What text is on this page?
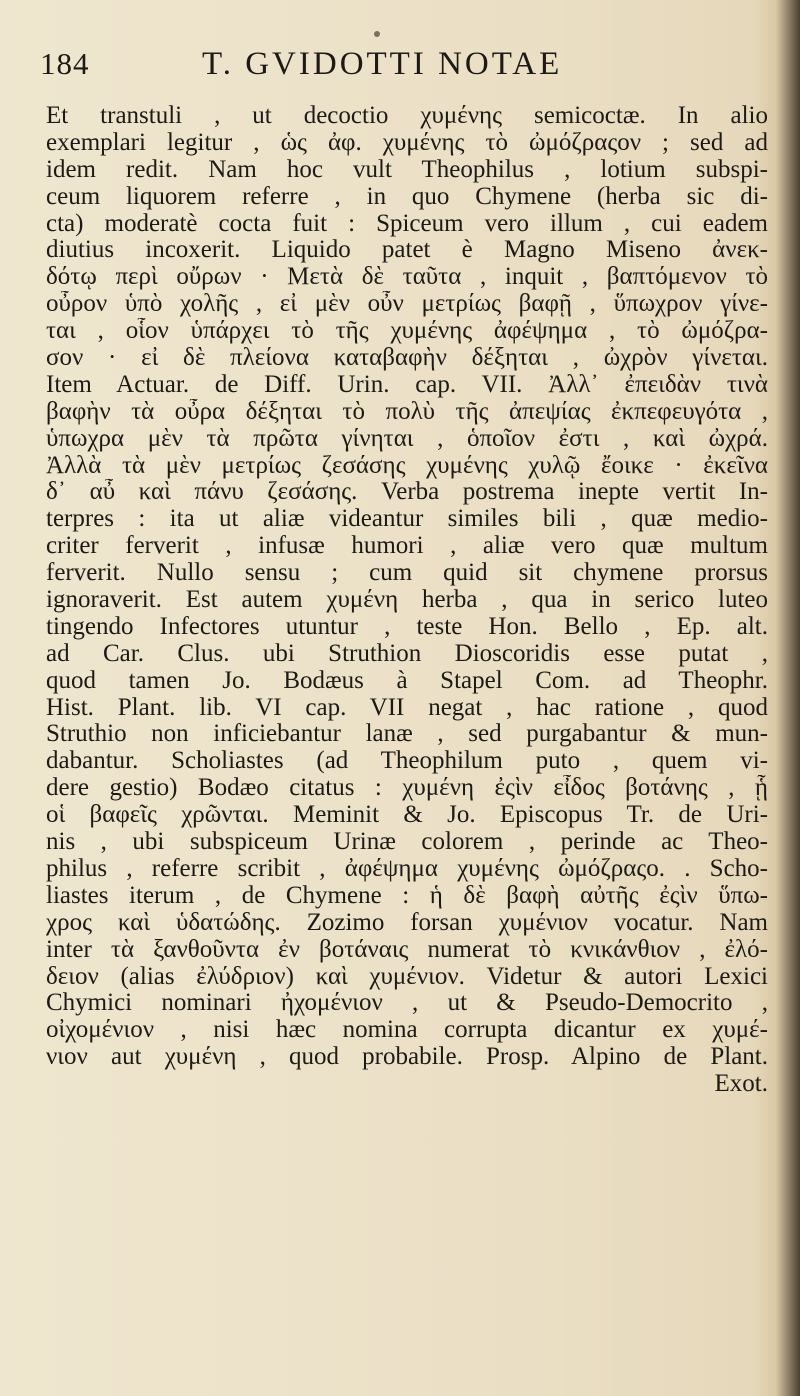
184	T. GVIDOTTI NOTAE
Et transtuli , ut decoctio χυμένης semicoctæ. In alio
exemplari legitur , ὡς ἀφ. χυμένης τὸ ὠμόζραςον ; sed ad
idem redit. Nam hoc vult Theophilus , lotium subspi-
ceum liquorem referre , in quo Chymene (herba sic di-
cta) moderatè cocta fuit : Spiceum vero illum , cui eadem
diutius incoxerit. Liquido patet è Magno Miseno ἀνεκ-
δότῳ περὶ οὔρων · Μετὰ δὲ ταῦτα , inquit , βαπτόμενον τὸ
οὖρον ὑπὸ χολῆς , εἰ μὲν οὖν μετρίως βαφῇ , ὕπωχρον γίνε-
ται , οἷον ὑπάρχει τὸ τῆς χυμένης ἀφέψημα , τὸ ὠμόζρα-
σον · εἰ δὲ πλείονα καταβαφὴν δέξηται , ὠχρὸν γίνεται.
Item Actuar. de Diff. Urin. cap. VII. Ἀλλ᾽ ἐπειδὰν τινὰ
βαφὴν τὰ οὖρα δέξηται τὸ πολὺ τῆς ἀπεψίας ἐκπεφευγότα ,
ὑπωχρα μὲν τὰ πρῶτα γίνηται , ὁποῖον ἐστι , καὶ ὠχρά.
Ἀλλὰ τὰ μὲν μετρίως ζεσάσης χυμένης χυλῷ ἔοικε · ἐκεῖνα
δ᾽ αὖ καὶ πάνυ ζεσάσης. Verba postrema inepte vertit In-
terpres : ita ut aliæ videantur similes bili , quæ medio-
criter ferverit , infusæ humori , aliæ vero quæ multum
ferverit. Nullo sensu ; cum quid sit chymene prorsus
ignoraverit. Est autem χυμένη herba , qua in serico luteo
tingendo Infectores utuntur , teste Hon. Bello , Ep. alt.
ad Car. Clus. ubi Struthion Dioscoridis esse putat ,
quod tamen Jo. Bodæus à Stapel Com. ad Theophr.
Hist. Plant. lib. VI cap. VII negat , hac ratione , quod
Struthio non inficiebantur lanæ , sed purgabantur & mun-
dabantur. Scholiastes (ad Theophilum puto , quem vi-
dere gestio) Bodæo citatus : χυμένη ἐςὶν εἶδος βοτάνης , ᾗ
οἱ βαφεῖς χρῶνται. Meminit & Jo. Episcopus Tr. de Uri-
nis , ubi subspiceum Urinæ colorem , perinde ac Theo-
philus , referre scribit , ἀφέψημα χυμένης ὠμόζραςο. . Scho-
liastes iterum , de Chymene : ἡ δὲ βαφὴ αὐτῆς ἐςὶν ὕπω-
χρος καὶ ὑδατώδης. Zozimo forsan χυμένιον vocatur. Nam
inter τὰ ξανθοῦντα ἐν βοτάναις numerat τὸ κνικάνθιον , ἐλό-
δειον (alias ἐλύδριον) καὶ χυμένιον. Videtur & autori Lexici
Chymici nominari ἠχομένιον , ut & Pseudo-Democrito ,
οἰχομένιον , nisi hæc nomina corrupta dicantur ex χυμέ-
νιον aut χυμένη , quod probabile. Prosp. Alpino de Plant.
Exot.
